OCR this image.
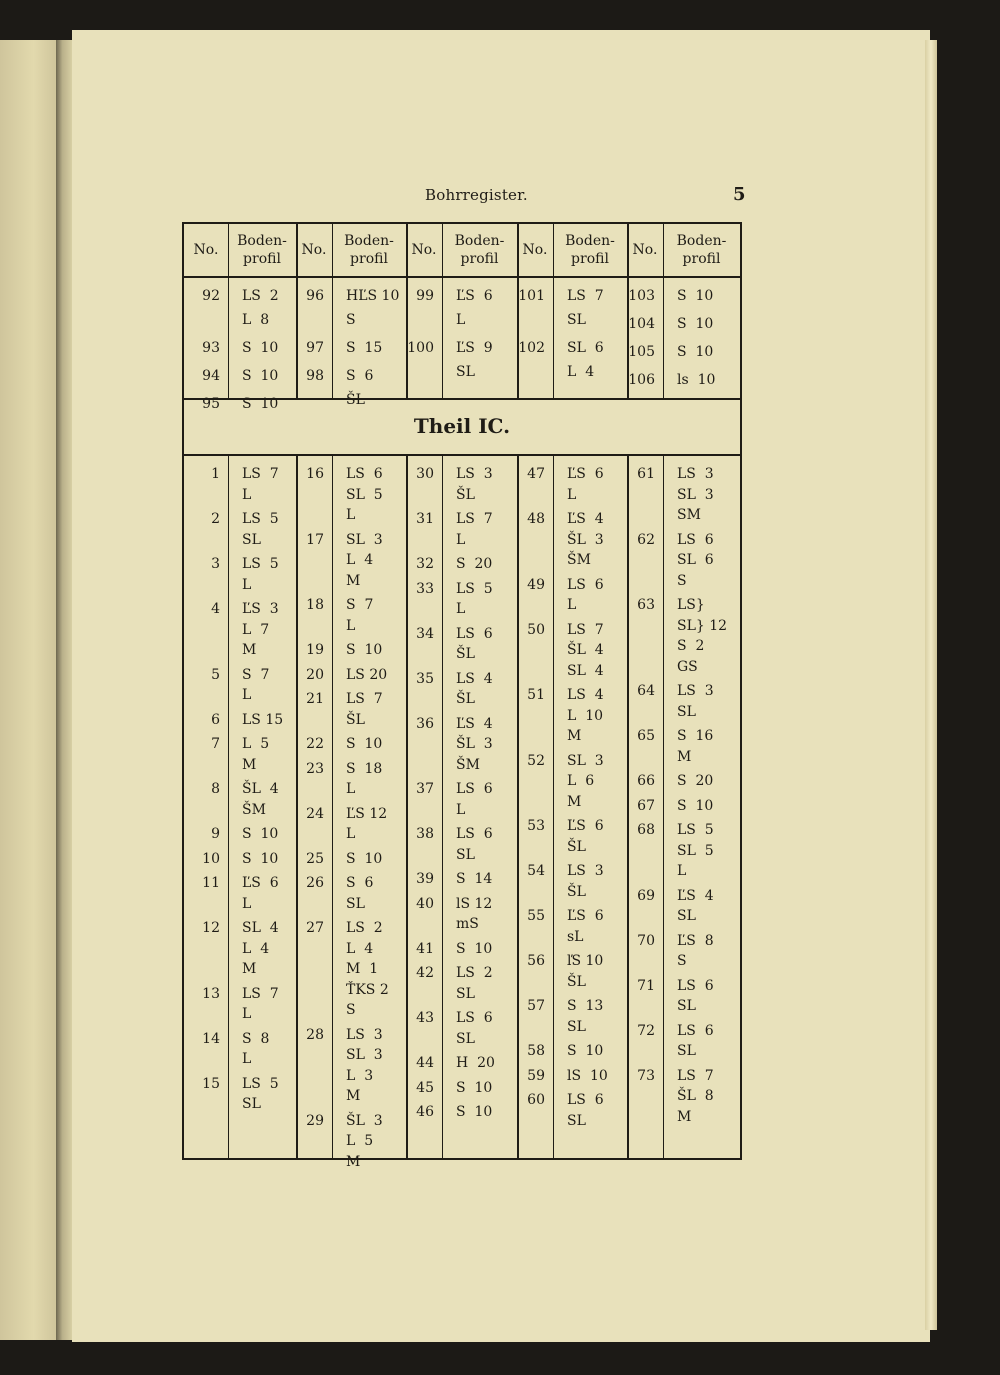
Bohrregister.	5
Theil IC.
No.
Boden-
profil
No.
Boden-
profil
No.
Boden-
profil
No.
Boden-
profil
No.
Boden-
profil
92 LS  2
L  8
93 S  10
94 S  10
95 S  10
96 HĽS 10
S
97 S  15
98 S  6
ŠL
99 ĽS  6
L
100 ĽS  9
SL
101 LS  7
SL
102 SL  6
L  4
103 S  10
104 S  10
105 S  10
106 ls  10
1 LS  7
L
2 LS  5
SL
3 LS  5
L
4 ĽS  3
L  7
M
5 S  7
L
6 LS 15
7 L  5
M
8 ŠL  4
ŠM
9 S  10
10 S  10
11 ĽS  6
L
12 SL  4
L  4
M
13 LS  7
L
14 S  8
L
15 LS  5
SL
16 LS  6
SL  5
L
17 SL  3
L  4
M
18 S  7
L
19 S  10
20 LS 20
21 LS  7
ŠL
22 S  10
23 S  18
L
24 ĽS 12
L
25 S  10
26 S  6
SL
27 LS  2
L  4
M  1
ŤKS 2
S
28 LS  3
SL  3
L  3
M
29 ŠL  3
L  5
M
30 LS  3
ŠL
31 LS  7
L
32 S  20
33 LS  5
L
34 LS  6
ŠL
35 LS  4
ŠL
36 ĽS  4
ŠL  3
ŠM
37 LS  6
L
38 LS  6
SL
39 S  14
40 lS 12
mS
41 S  10
42 LS  2
SL
43 LS  6
SL
44 H  20
45 S  10
46 S  10
47 ĽS  6
L
48 ĽS  4
ŠL  3
ŠM
49 LS  6
L
50 LS  7
ŠL  4
SL  4
51 LS  4
L  10
M
52 SL  3
L  6
M
53 ĽS  6
ŠL
54 LS  3
ŠL
55 ĽS  6
sL
56 ľS 10
ŠL
57 S  13
SL
58 S  10
59 lS  10
60 LS  6
SL
61 LS  3
SL  3
SM
62 LS  6
SL  6
S
63 LS}
SL} 12
S  2
GS
64 LS  3
SL
65 S  16
M
66 S  20
67 S  10
68 LS  5
SL  5
L
69 ĽS  4
SL
70 ĽS  8
S
71 LS  6
SL
72 LS  6
SL
73 LS  7
ŠL  8
M
